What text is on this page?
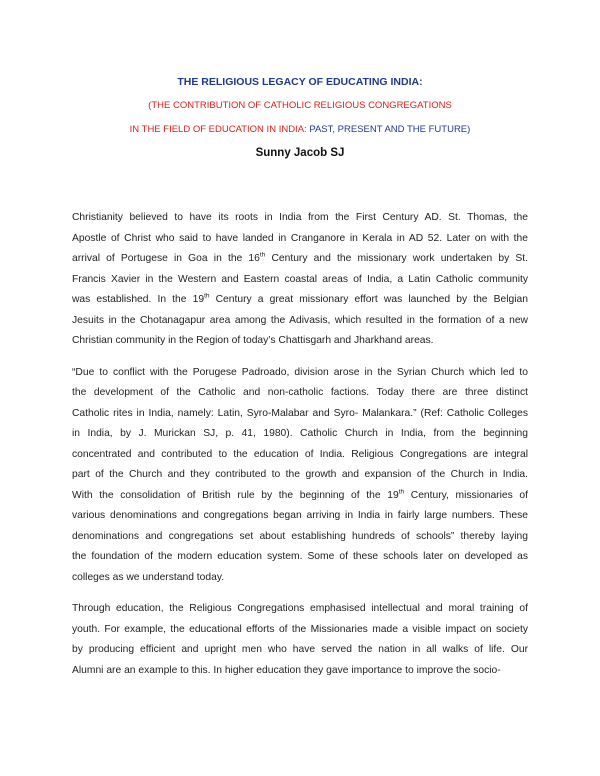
THE RELIGIOUS LEGACY OF EDUCATING INDIA:
(THE CONTRIBUTION OF CATHOLIC RELIGIOUS CONGREGATIONS
IN THE FIELD OF EDUCATION IN INDIA: PAST, PRESENT AND THE FUTURE)
Sunny Jacob SJ
Christianity believed to have its roots in India from the First Century AD. St. Thomas, the
Apostle of Christ who said to have landed in Cranganore in Kerala in AD 52. Later on with the
arrival of Portugese in Goa in the 16th Century and the missionary work undertaken by St.
Francis Xavier in the Western and Eastern coastal areas of India, a Latin Catholic community
was established. In the 19th Century a great missionary effort was launched by the Belgian
Jesuits in the Chotanagapur area among the Adivasis, which resulted in the formation of a new
Christian community in the Region of today’s Chattisgarh and Jharkhand areas.
“Due to conflict with the Porugese Padroado, division arose in the Syrian Church which led to
the development of the Catholic and non-catholic factions. Today there are three distinct
Catholic rites in India, namely: Latin, Syro-Malabar and Syro- Malankara.” (Ref: Catholic Colleges
in India, by J. Murickan SJ, p. 41, 1980). Catholic Church in India, from the beginning
concentrated and contributed to the education of India. Religious Congregations are integral
part of the Church and they contributed to the growth and expansion of the Church in India.
With the consolidation of British rule by the beginning of the 19th Century, missionaries of
various denominations and congregations began arriving in India in fairly large numbers. These
denominations and congregations set about establishing hundreds of schools” thereby laying
the foundation of the modern education system. Some of these schools later on developed as
colleges as we understand today.
Through education, the Religious Congregations emphasised intellectual and moral training of
youth. For example, the educational efforts of the Missionaries made a visible impact on society
by producing efficient and upright men who have served the nation in all walks of life. Our
Alumni are an example to this. In higher education they gave importance to improve the socio-
